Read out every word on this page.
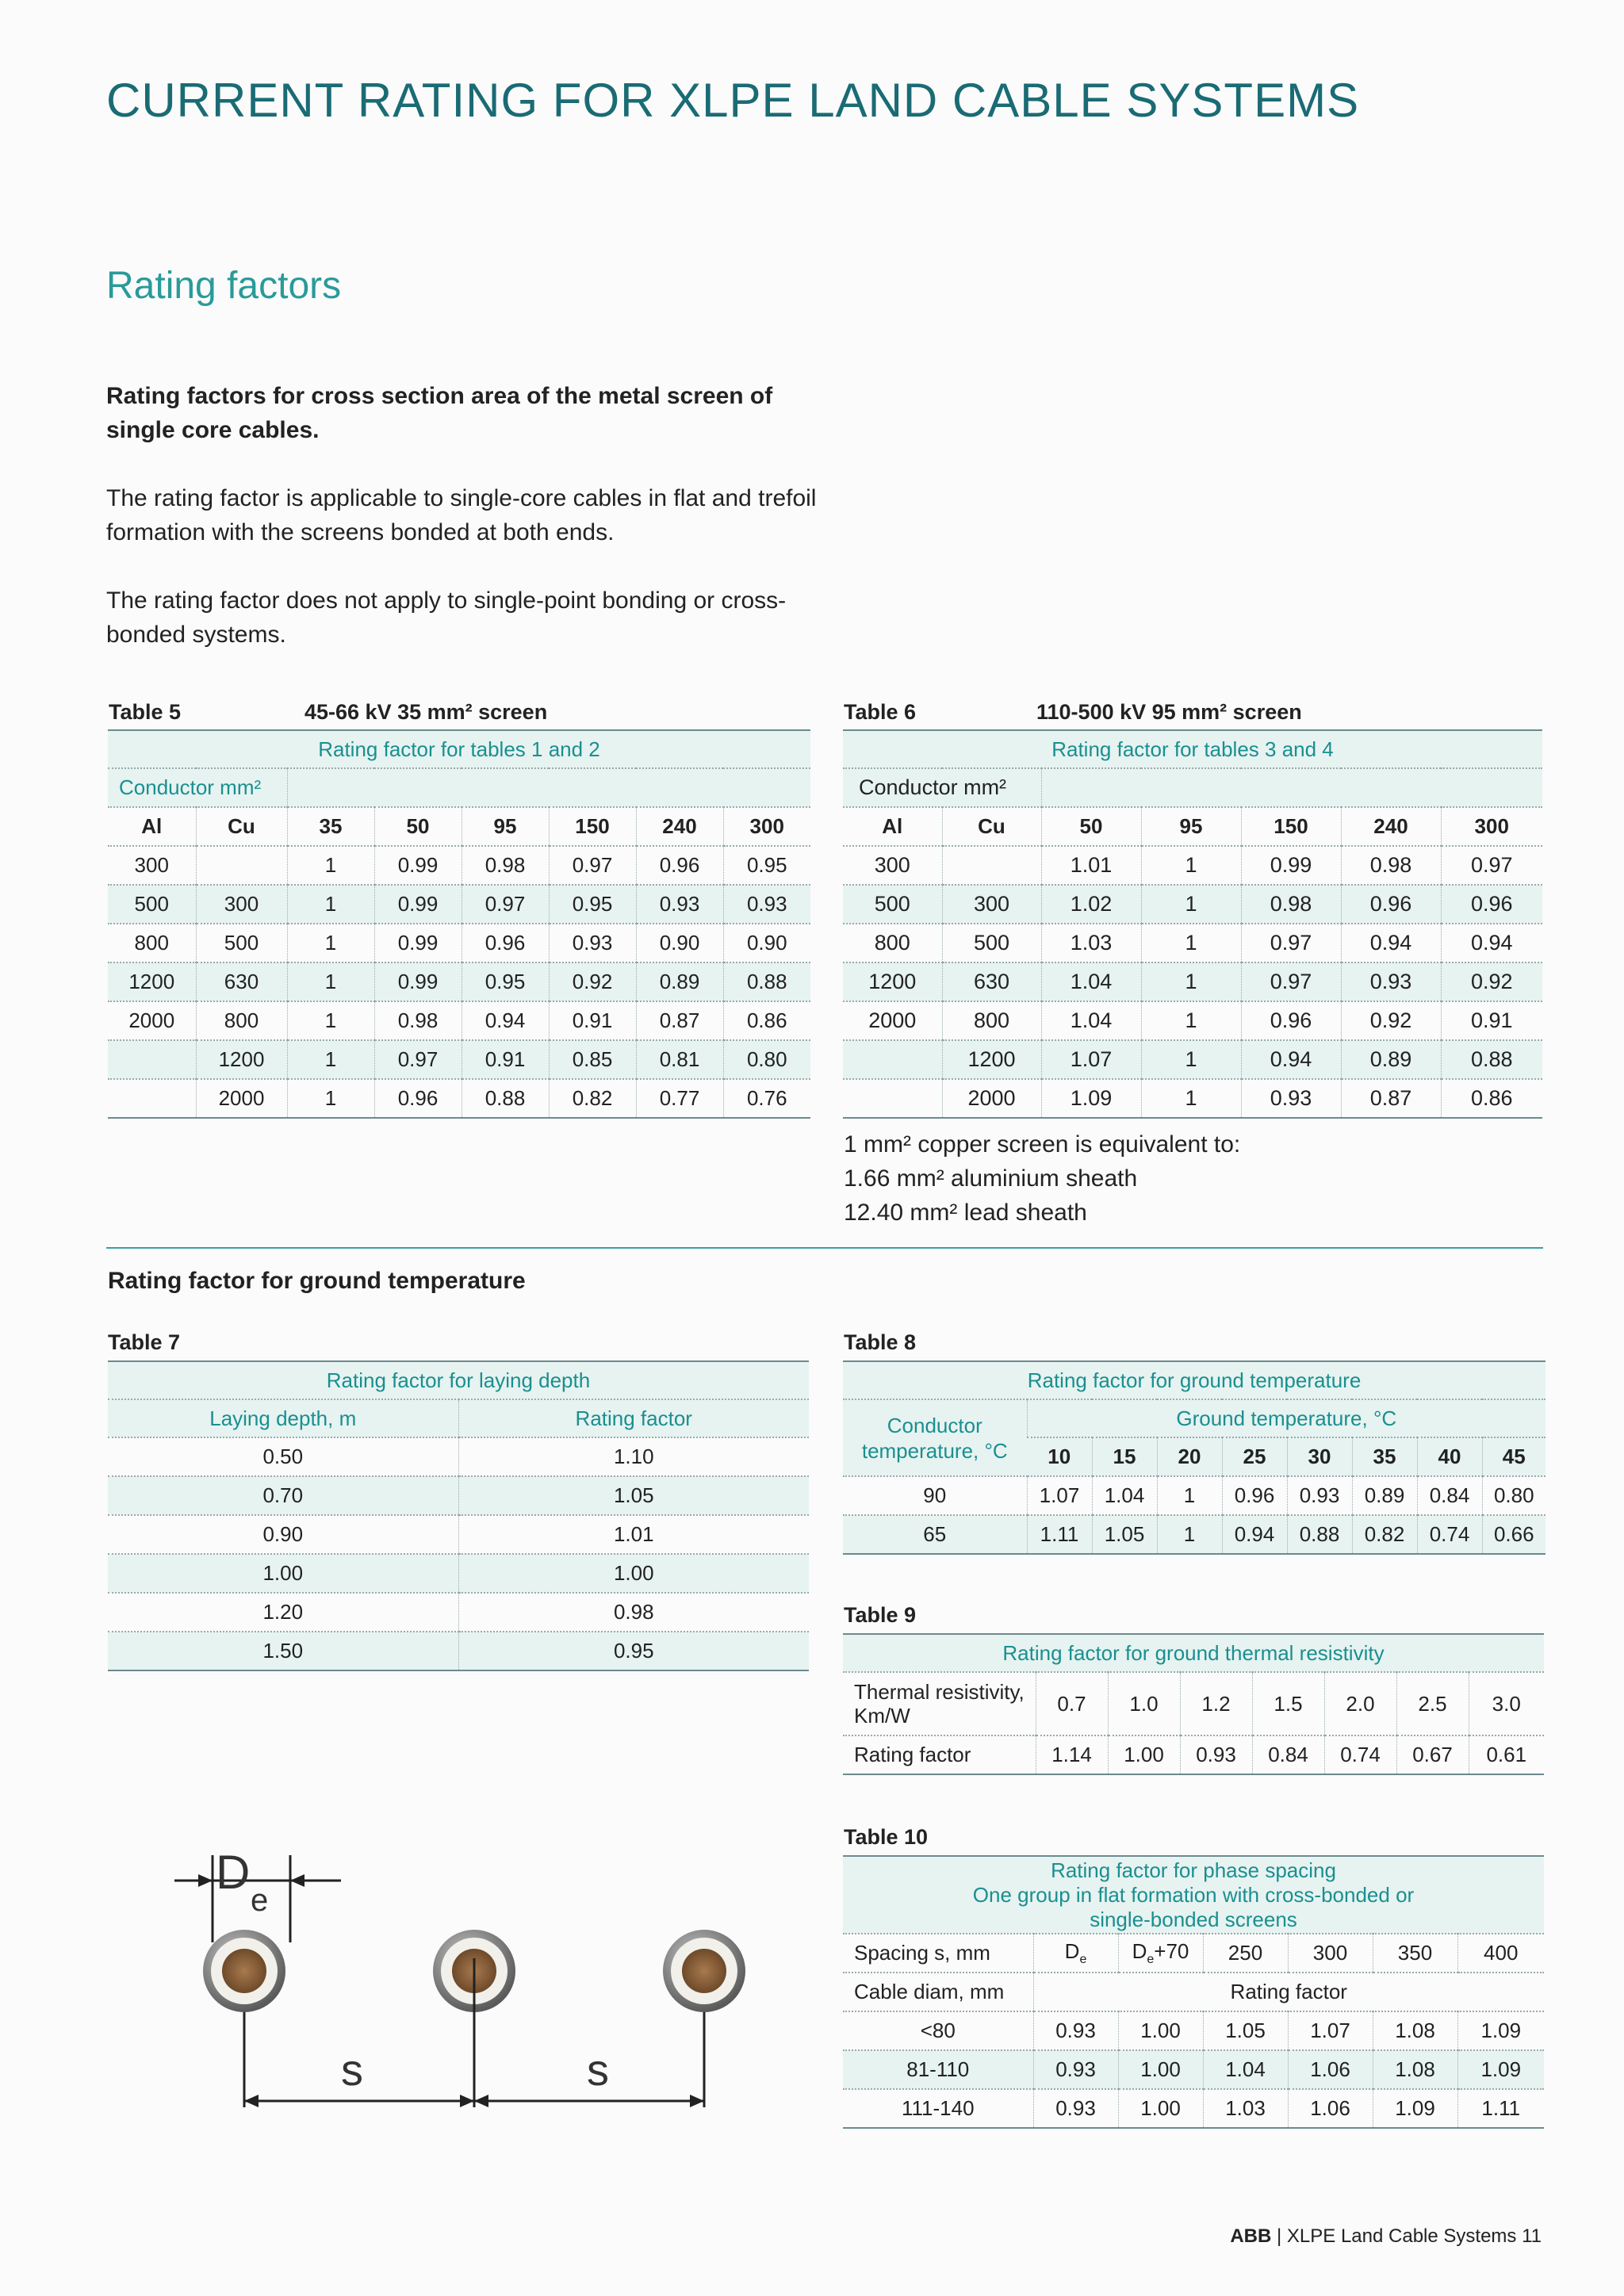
CURRENT RATING FOR XLPE LAND CABLE SYSTEMS
Rating factors

Rating factors for cross section area of the metal screen of single core cables.

The rating factor is applicable to single-core cables in flat and trefoil formation with the screens bonded at both ends.

The rating factor does not apply to single-point bonding or cross-bonded systems.

Table 5	45-66 kV 35 mm² screen
Rating factor for tables 1 and 2							
Conductor mm²							
Al	Cu	35	50	95	150	240	300
300		1	0.99	0.98	0.97	0.96	0.95
500	300	1	0.99	0.97	0.95	0.93	0.93
800	500	1	0.99	0.96	0.93	0.90	0.90
1200	630	1	0.99	0.95	0.92	0.89	0.88
2000	800	1	0.98	0.94	0.91	0.87	0.86
	1200	1	0.97	0.91	0.85	0.81	0.80
	2000	1	0.96	0.88	0.82	0.77	0.76
Table 6	110-500 kV 95 mm² screen
Rating factor for tables 3 and 4						
Conductor mm²						
Al	Cu	50	95	150	240	300
300		1.01	1	0.99	0.98	0.97
500	300	1.02	1	0.98	0.96	0.96
800	500	1.03	1	0.97	0.94	0.94
1200	630	1.04	1	0.97	0.93	0.92
2000	800	1.04	1	0.96	0.92	0.91
	1200	1.07	1	0.94	0.89	0.88
	2000	1.09	1	0.93	0.87	0.86
1 mm² copper screen is equivalent to:
1.66 mm² aluminium sheath
12.40 mm² lead sheath
Rating factor for ground temperature
Table 7
Rating factor for laying depth	
Laying depth, m	Rating factor
0.50	1.10
0.70	1.05
0.90	1.01
1.00	1.00
1.20	0.98
1.50	0.95
Table 8
Rating factor for ground temperature								
Conductor temperature, °C	Ground temperature, °C							
	10	15	20	25	30	35	40	45
90	1.07	1.04	1	0.96	0.93	0.89	0.84	0.80
65	1.11	1.05	1	0.94	0.88	0.82	0.74	0.66
Table 9
Rating factor for ground thermal resistivity							
Thermal resistivity, Km/W	0.7	1.0	1.2	1.5	2.0	2.5	3.0
Rating factor	1.14	1.00	0.93	0.84	0.74	0.67	0.61
Table 10
Rating factor for phase spacing
One group in flat formation with cross-bonded or
single-bonded screens						

Spacing s, mm	$D_e$	$D_e+70$	250	300	350	400
Cable diam, mm	Rating factor					
<80	0.93	1.00	1.05	1.07	1.08	1.09
81-110	0.93	1.00	1.04	1.06	1.08	1.09
111-140	0.93	1.00	1.03	1.06	1.09	1.11
D
e
s	s
ABB | XLPE Land Cable Systems 11
